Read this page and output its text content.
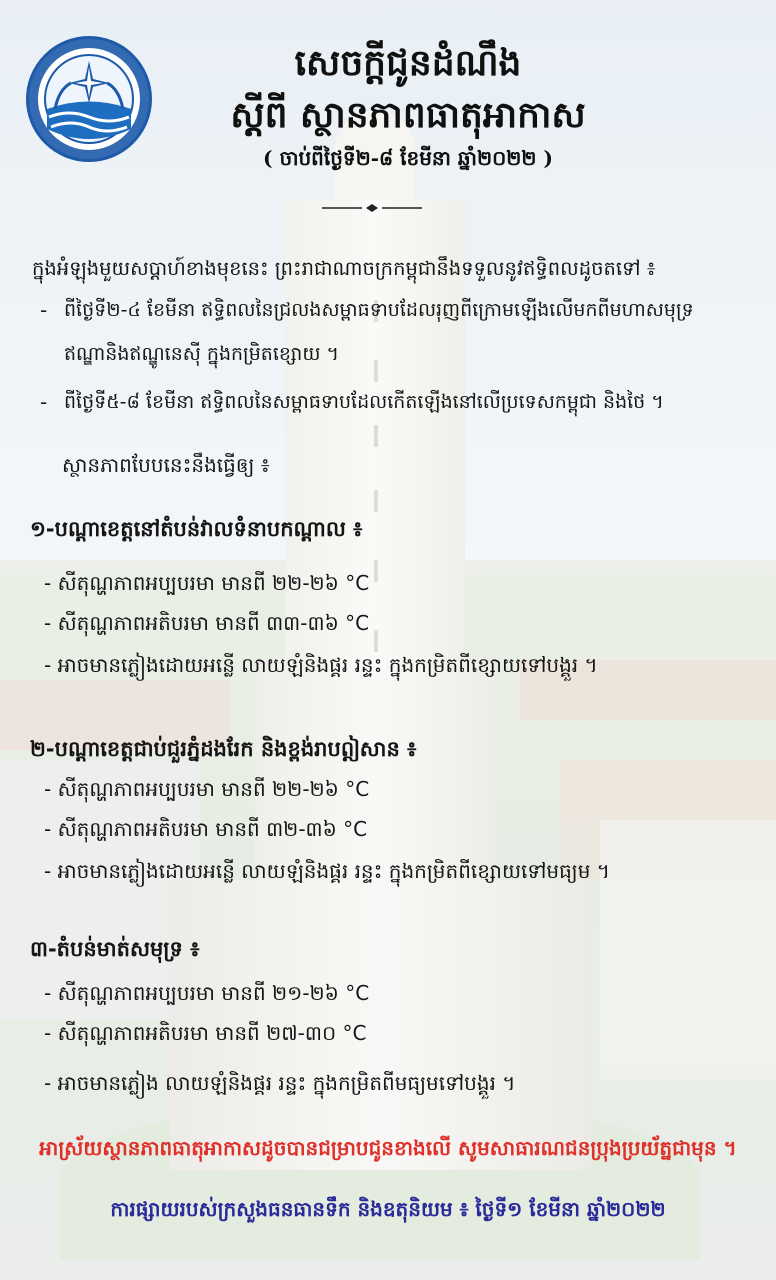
សេចក្តីជូនដំណឹង
ស្តីពី ស្ថានភាពធាតុអាកាស
( ចាប់ពីថ្ងៃទី២-៨ ខែមីនា ឆ្នាំ២០២២ )
ក្នុងអំឡុងមួយសប្តាហ៍ខាងមុខនេះ ព្រះរាជាណាចក្រកម្ពុជានឹងទទួលនូវឥទ្ធិពលដូចតទៅ ៖
- ពីថ្ងៃទី២-៤ ខែមីនា ឥទ្ធិពលនៃជ្រលងសម្ពាធទាបដែលរុញពីក្រោមឡើងលើមកពីមហាសមុទ្រ
ឥណ្ឌានិងឥណ្ឌូនេស៊ី ក្នុងកម្រិតខ្សោយ ។
- ពីថ្ងៃទី៥-៨ ខែមីនា ឥទ្ធិពលនៃសម្ពាធទាបដែលកើតឡើងនៅលើប្រទេសកម្ពុជា និងថៃ ។
ស្ថានភាពបែបនេះនឹងធ្វើឲ្យ ៖
១-បណ្តាខេត្តនៅតំបន់វាលទំនាបកណ្តាល ៖
- សីតុណ្ហភាពអប្បបរមា មានពី ២២-២៦ °C
- សីតុណ្ហភាពអតិបរមា មានពី ៣៣-៣៦ °C
- អាចមានភ្លៀងដោយអន្លើ លាយឡំនិងផ្គរ រន្ទះ ក្នុងកម្រិតពីខ្សោយទៅបង្គួរ ។
២-បណ្តាខេត្តជាប់ជួរភ្នំដងរែក និងខ្ពង់រាបឦសាន ៖
- សីតុណ្ហភាពអប្បបរមា មានពី ២២-២៦ °C
- សីតុណ្ហភាពអតិបរមា មានពី ៣២-៣៦ °C
- អាចមានភ្លៀងដោយអន្លើ លាយឡំនិងផ្គរ រន្ទះ ក្នុងកម្រិតពីខ្សោយទៅមធ្យម ។
៣-តំបន់មាត់សមុទ្រ ៖
- សីតុណ្ហភាពអប្បបរមា មានពី ២១-២៦ °C
- សីតុណ្ហភាពអតិបរមា មានពី ២៧-៣០ °C
- អាចមានភ្លៀង លាយឡំនិងផ្គរ រន្ទះ ក្នុងកម្រិតពីមធ្យមទៅបង្គួរ ។
អាស្រ័យស្ថានភាពធាតុអាកាសដូចបានជម្រាបជូនខាងលើ សូមសាធារណជនប្រុងប្រយ័ត្នជាមុន ។
ការផ្សាយរបស់ក្រសួងធនធានទឹក និងឧតុនិយម ៖ ថ្ងៃទី១ ខែមីនា ឆ្នាំ២០២២
